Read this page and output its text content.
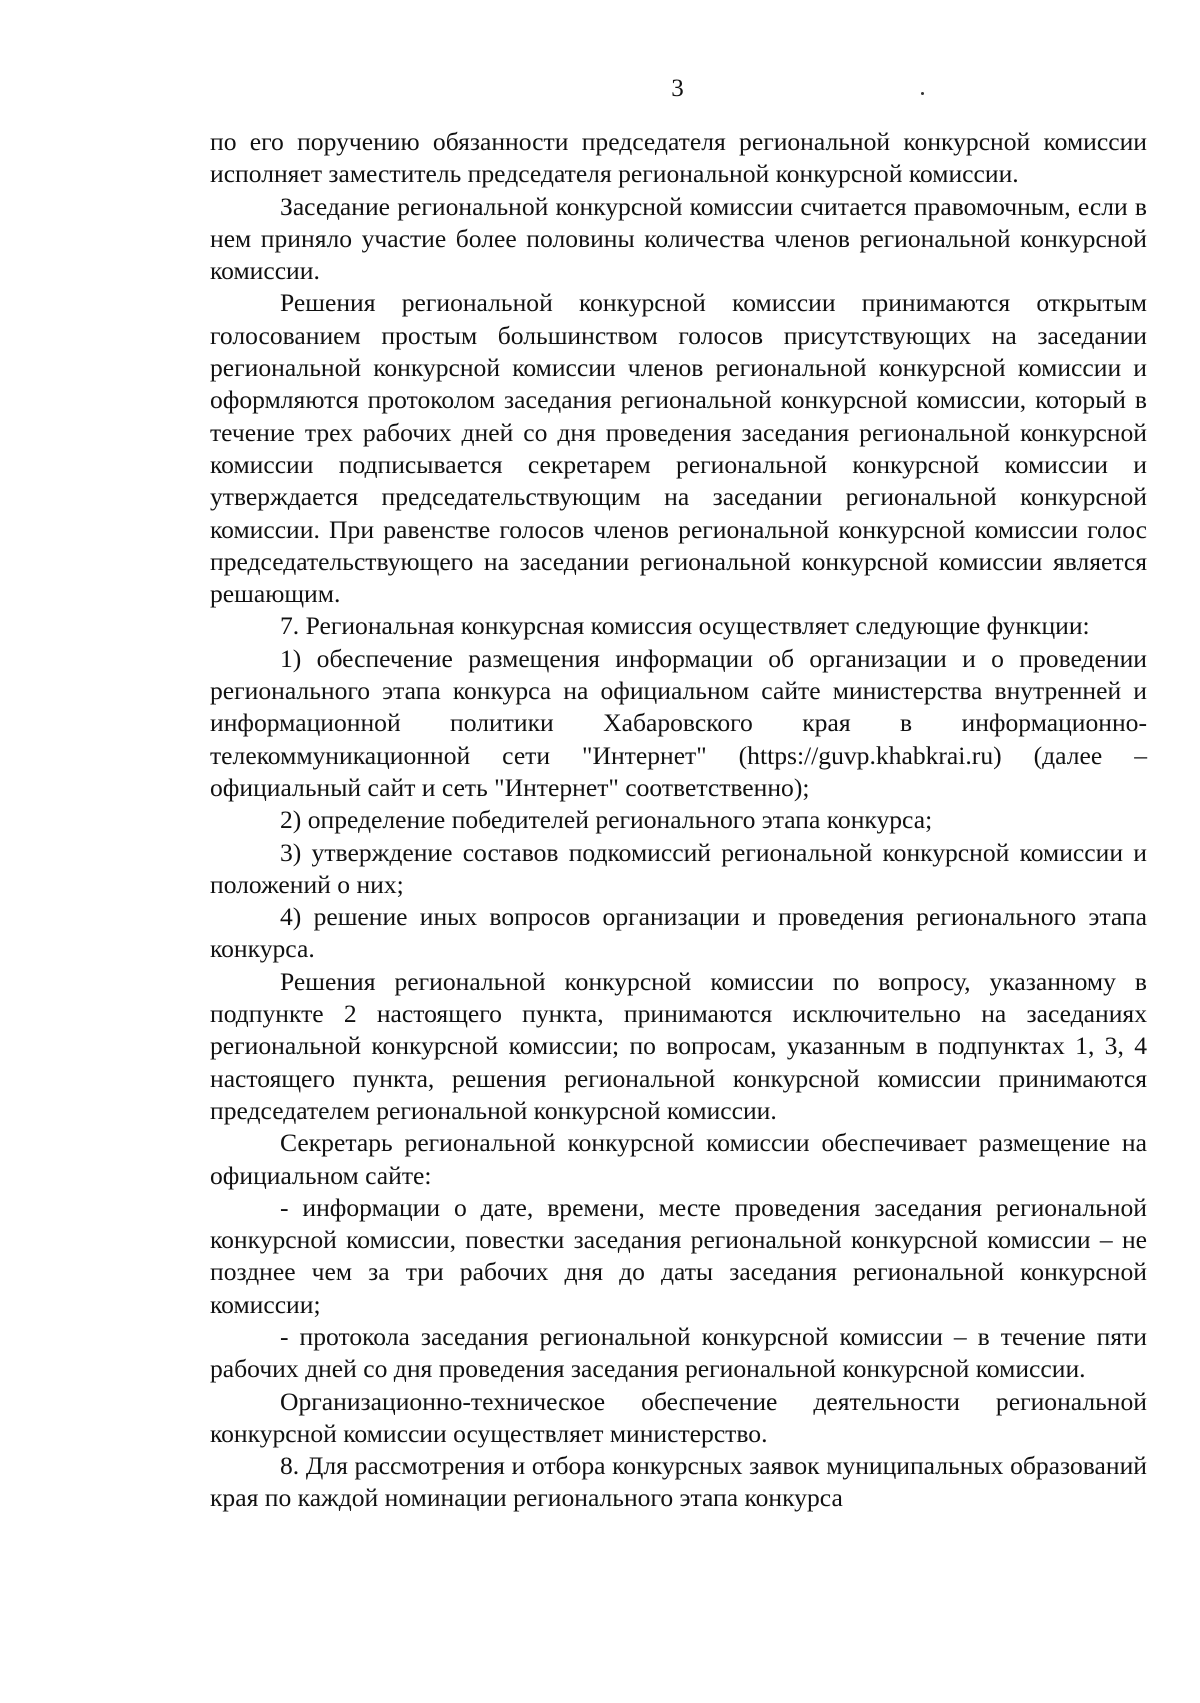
3

по его поручению обязанности председателя региональной конкурсной комиссии исполняет заместитель председателя региональной конкурсной комиссии.

Заседание региональной конкурсной комиссии считается правомочным, если в нем приняло участие более половины количества членов региональной конкурсной комиссии.

Решения региональной конкурсной комиссии принимаются открытым голосованием простым большинством голосов присутствующих на заседании региональной конкурсной комиссии членов региональной конкурсной комиссии и оформляются протоколом заседания региональной конкурсной комиссии, который в течение трех рабочих дней со дня проведения заседания региональной конкурсной комиссии подписывается секретарем региональной конкурсной комиссии и утверждается председательствующим на заседании региональной конкурсной комиссии. При равенстве голосов членов региональной конкурсной комиссии голос председательствующего на заседании региональной конкурсной комиссии является решающим.

7. Региональная конкурсная комиссия осуществляет следующие функции:

1) обеспечение размещения информации об организации и о проведении регионального этапа конкурса на официальном сайте министерства внутренней и информационной политики Хабаровского края в информационно-телекоммуникационной сети "Интернет" (https://guvp.khabkrai.ru) (далее – официальный сайт и сеть "Интернет" соответственно);

2) определение победителей регионального этапа конкурса;

3) утверждение составов подкомиссий региональной конкурсной комиссии и положений о них;

4) решение иных вопросов организации и проведения регионального этапа конкурса.

Решения региональной конкурсной комиссии по вопросу, указанному в подпункте 2 настоящего пункта, принимаются исключительно на заседаниях региональной конкурсной комиссии; по вопросам, указанным в подпунктах 1, 3, 4 настоящего пункта, решения региональной конкурсной комиссии принимаются председателем региональной конкурсной комиссии.

Секретарь региональной конкурсной комиссии обеспечивает размещение на официальном сайте:

- информации о дате, времени, месте проведения заседания региональной конкурсной комиссии, повестки заседания региональной конкурсной комиссии – не позднее чем за три рабочих дня до даты заседания региональной конкурсной комиссии;

- протокола заседания региональной конкурсной комиссии – в течение пяти рабочих дней со дня проведения заседания региональной конкурсной комиссии.

Организационно-техническое обеспечение деятельности региональной конкурсной комиссии осуществляет министерство.

8. Для рассмотрения и отбора конкурсных заявок муниципальных образований края по каждой номинации регионального этапа конкурса
